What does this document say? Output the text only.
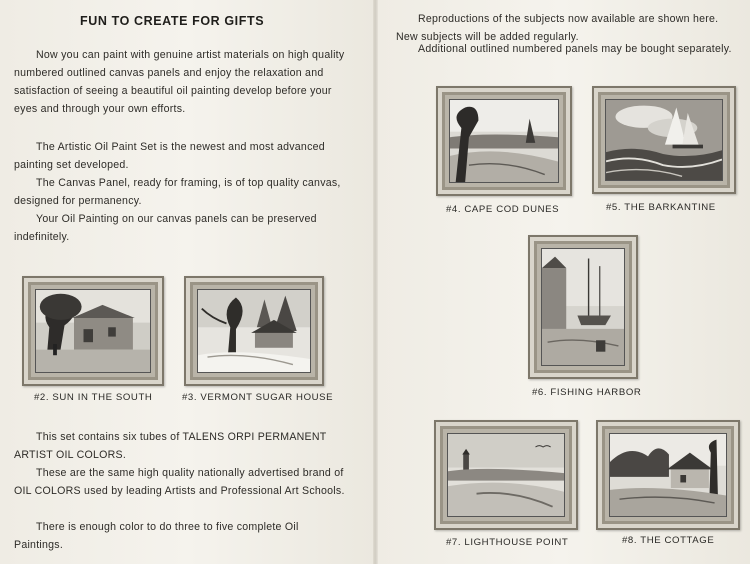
FUN TO CREATE FOR GIFTS

Now you can paint with genuine artist materials on high quality numbered outlined canvas panels and enjoy the relaxation and satisfaction of seeing a beautiful oil painting develop before your eyes and through your own efforts.

The Artistic Oil Paint Set is the newest and most advanced painting set developed.

The Canvas Panel, ready for framing, is of top quality canvas, designed for permanency.

Your Oil Painting on our canvas panels can be preserved indefinitely.

#2. SUN IN THE SOUTH	#3. VERMONT SUGAR HOUSE

This set contains six tubes of TALENS ORPI PERMANENT ARTIST OIL COLORS.

These are the same high quality nationally advertised brand of OIL COLORS used by leading Artists and Professional Art Schools.

There is enough color to do three to five complete Oil Paintings.

Reproductions of the subjects now available are shown here. New subjects will be added regularly.

Additional outlined numbered panels may be bought separately.

#4. CAPE COD DUNES	#5. THE BARKANTINE
#6. FISHING HARBOR
#7. LIGHTHOUSE POINT	#8. THE COTTAGE
